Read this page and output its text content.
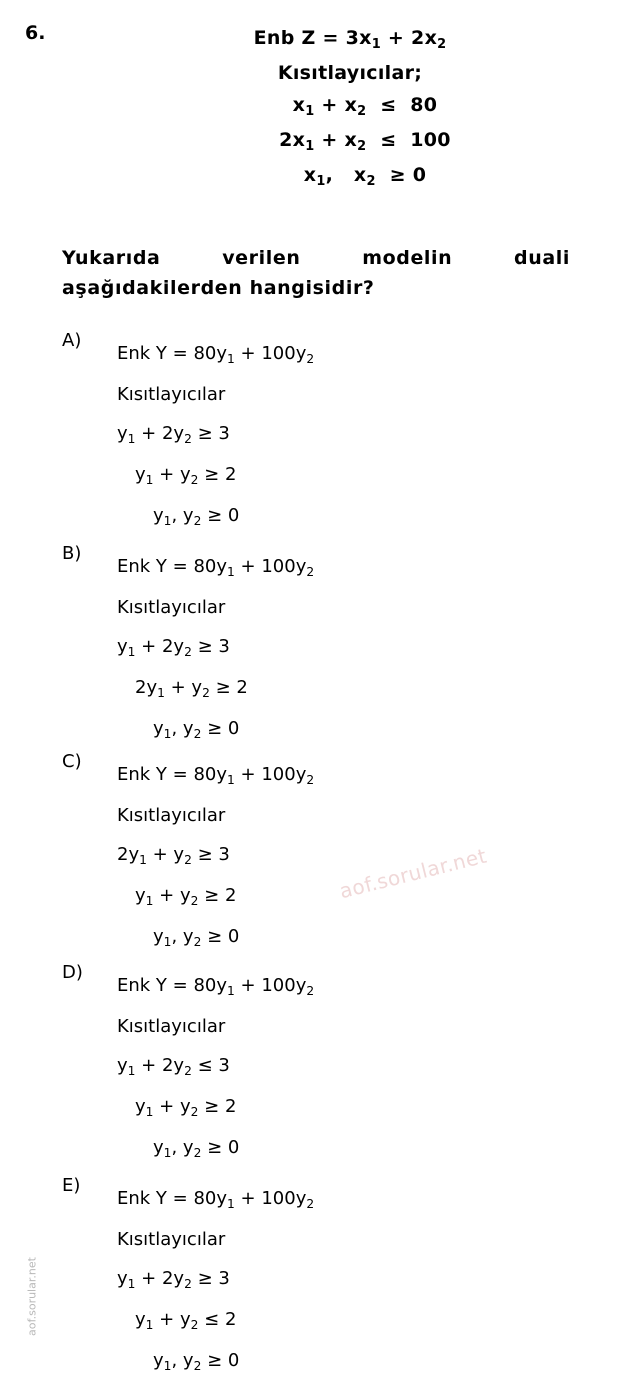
6.	Enb $Z = 3x_1 + 2x_2$
Kısıtlayıcılar;
$x_1 + x_2 \le 80$
$2x_1 + x_2 \le 100$
$x_1$,   $x_2 \ge 0$
Yukarıda	verilen	modelin	duali
aşağıdakilerden hangisidir?
A)
Enk $Y = 80y_1 + 100y_2$
Kısıtlayıcılar
$y_1 + 2y_2 \ge 3$
$y_1 + y_2 \ge 2$
$y_1$, $y_2 \ge 0$
B)
Enk $Y = 80y_1 + 100y_2$
Kısıtlayıcılar
$y_1 + 2y_2 \ge 3$
$2y_1 + y_2 \ge 2$
$y_1$, $y_2 \ge 0$
C)
Enk $Y = 80y_1 + 100y_2$
Kısıtlayıcılar
$2y_1 + y_2 \ge 3$
$y_1 + y_2 \ge 2$
$y_1$, $y_2 \ge 0$
D)
Enk $Y = 80y_1 + 100y_2$
Kısıtlayıcılar
$y_1 + 2y_2 \le 3$
$y_1 + y_2 \ge 2$
$y_1$, $y_2 \ge 0$
E)
Enk $Y = 80y_1 + 100y_2$
Kısıtlayıcılar
$y_1 + 2y_2 \ge 3$
$y_1 + y_2 \le 2$
$y_1$, $y_2 \ge 0$
aof.sorular.net
aof.sorular.net
